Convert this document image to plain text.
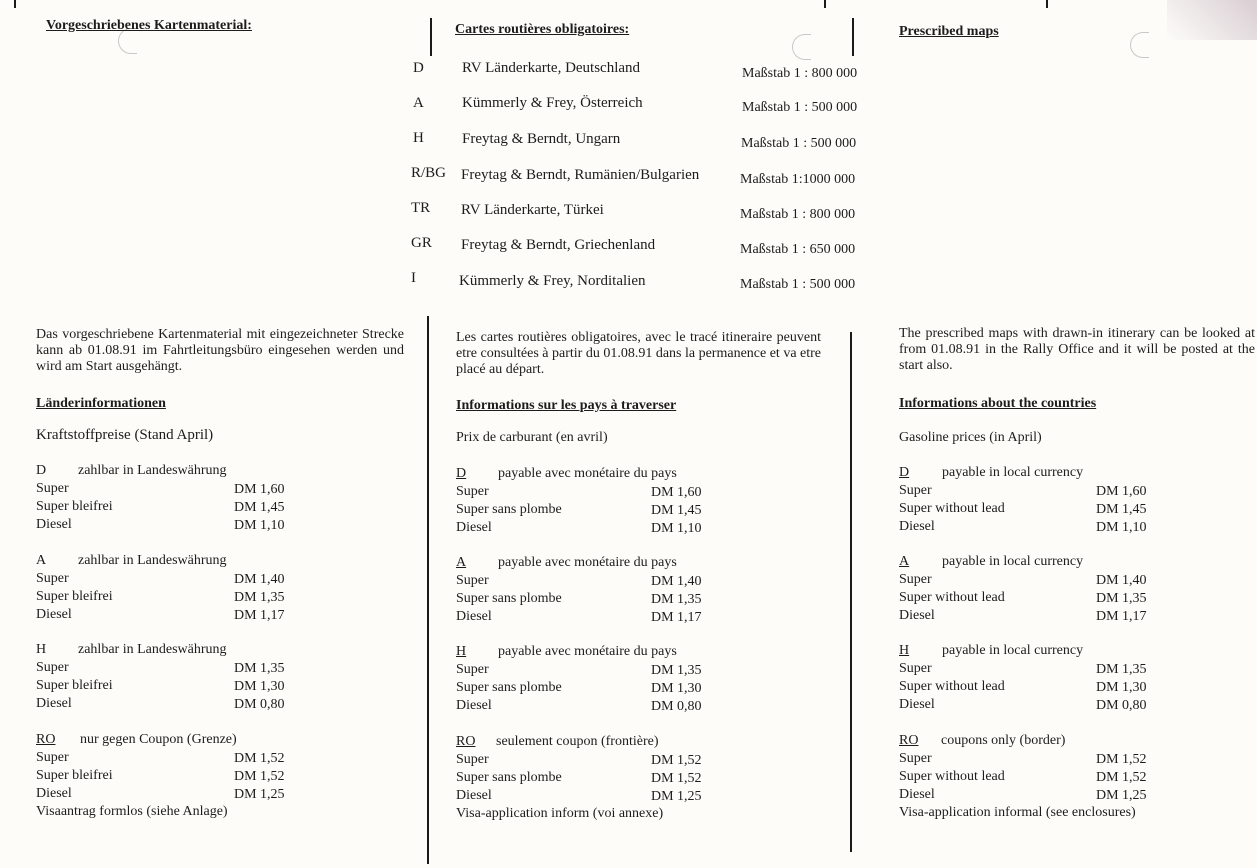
Vorgeschriebenes Kartenmaterial:	Cartes routières obligatoires:	Prescribed maps
D	RV Länderkarte, Deutschland	Maßstab 1 : 800 000
A	Kümmerly & Frey, Österreich	Maßstab 1 : 500 000
H	Freytag & Berndt, Ungarn	Maßstab 1 : 500 000
R/BG Freytag & Berndt, Rumänien/Bulgarien	Maßstab 1:1000 000
TR RV Länderkarte, Türkei	Maßstab 1 : 800 000
GR Freytag & Berndt, Griechenland	Maßstab 1 : 650 000
I	Kümmerly & Frey, Norditalien	Maßstab 1 : 500 000
Das vorgeschriebene Kartenmaterial mit eingezeichneter Strecke kann ab 01.08.91 im Fahrtleitungsbüro eingesehen werden und wird am Start ausgehängt.
Les cartes routières obligatoires, avec le tracé itineraire peuvent etre consultées à partir du 01.08.91 dans la permanence et va etre placé au départ.
The prescribed maps with drawn-in itinerary can be looked at from 01.08.91 in the Rally Office and it will be posted at the start also.
Länderinformationen
Kraftstoffpreise (Stand April)
D zahlbar in Landeswährung
Super	DM 1,60
Super bleifrei	DM 1,45
Diesel	DM 1,10
A zahlbar in Landeswährung
Super	DM 1,40
Super bleifrei	DM 1,35
Diesel	DM 1,17
H zahlbar in Landeswährung
Super	DM 1,35
Super bleifrei	DM 1,30
Diesel	DM 0,80
RO nur gegen Coupon (Grenze)
Super	DM 1,52
Super bleifrei	DM 1,52
Diesel	DM 1,25
Visaantrag formlos (siehe Anlage)
Informations sur les pays à traverser
Prix de carburant (en avril)
D payable avec monétaire du pays
Super	DM 1,60
Super sans plombe	DM 1,45
Diesel	DM 1,10
A payable avec monétaire du pays
Super	DM 1,40
Super sans plombe	DM 1,35
Diesel	DM 1,17
H payable avec monétaire du pays
Super	DM 1,35
Super sans plombe	DM 1,30
Diesel	DM 0,80
RO seulement coupon (frontière)
Super	DM 1,52
Super sans plombe	DM 1,52
Diesel	DM 1,25
Visa-application inform (voi annexe)
Informations about the countries
Gasoline prices (in April)
D payable in local currency
Super	DM 1,60
Super without lead	DM 1,45
Diesel	DM 1,10
A payable in local currency
Super	DM 1,40
Super without lead	DM 1,35
Diesel	DM 1,17
H payable in local currency
Super	DM 1,35
Super without lead	DM 1,30
Diesel	DM 0,80
RO coupons only (border)
Super	DM 1,52
Super without lead	DM 1,52
Diesel	DM 1,25
Visa-application informal (see enclosures)
